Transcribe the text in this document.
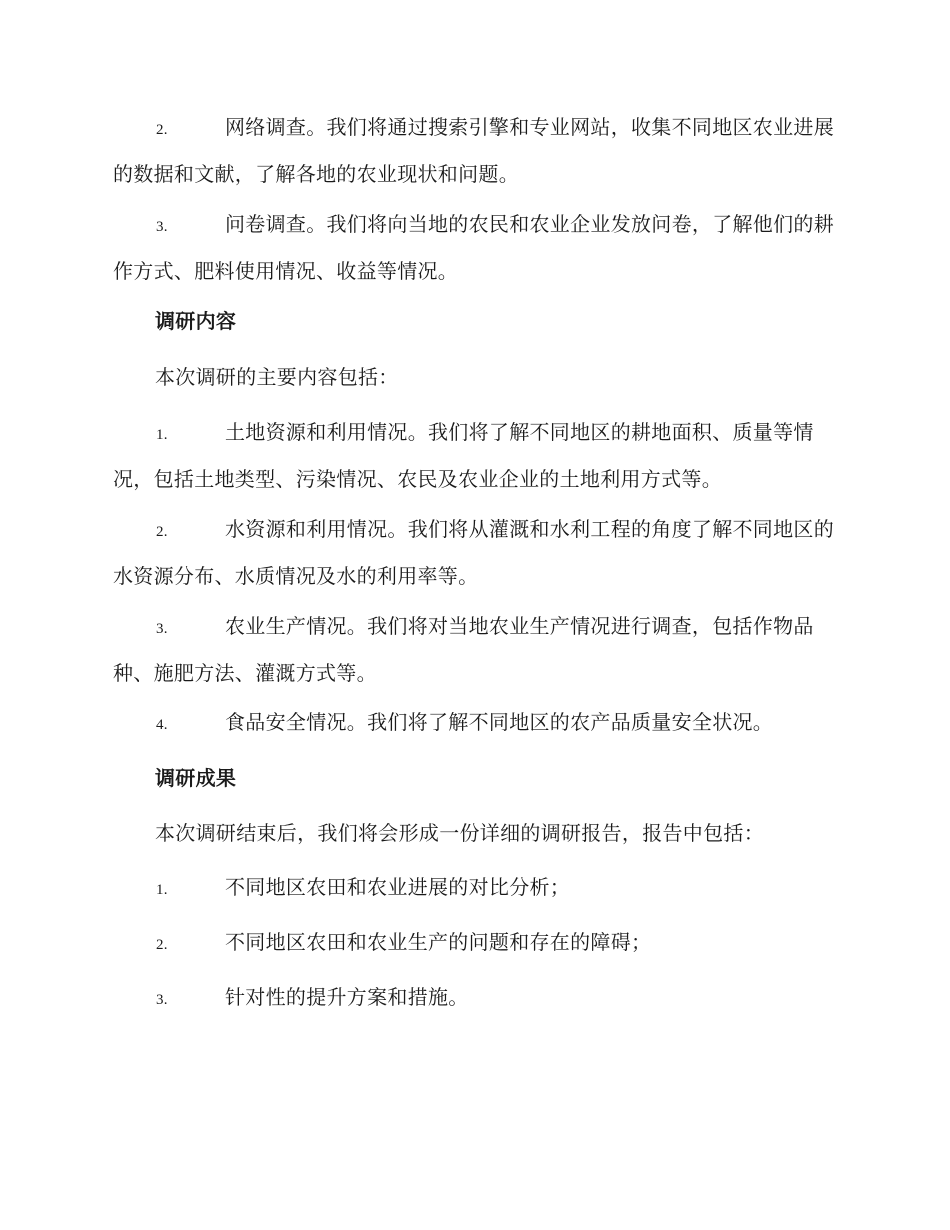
2.	网络调查。我们将通过搜索引擎和专业网站，收集不同地区农业进展的数据和文献，了解各地的农业现状和问题。

3.	问卷调查。我们将向当地的农民和农业企业发放问卷，了解他们的耕作方式、肥料使用情况、收益等情况。

调研内容

本次调研的主要内容包括：

1.	土地资源和利用情况。我们将了解不同地区的耕地面积、质量等情况，包括土地类型、污染情况、农民及农业企业的土地利用方式等。

2.	水资源和利用情况。我们将从灌溉和水利工程的角度了解不同地区的水资源分布、水质情况及水的利用率等。

3.	农业生产情况。我们将对当地农业生产情况进行调查，包括作物品种、施肥方法、灌溉方式等。

4.	食品安全情况。我们将了解不同地区的农产品质量安全状况。

调研成果

本次调研结束后，我们将会形成一份详细的调研报告，报告中包括：

1.	不同地区农田和农业进展的对比分析；

2.	不同地区农田和农业生产的问题和存在的障碍；

3.	针对性的提升方案和措施。
